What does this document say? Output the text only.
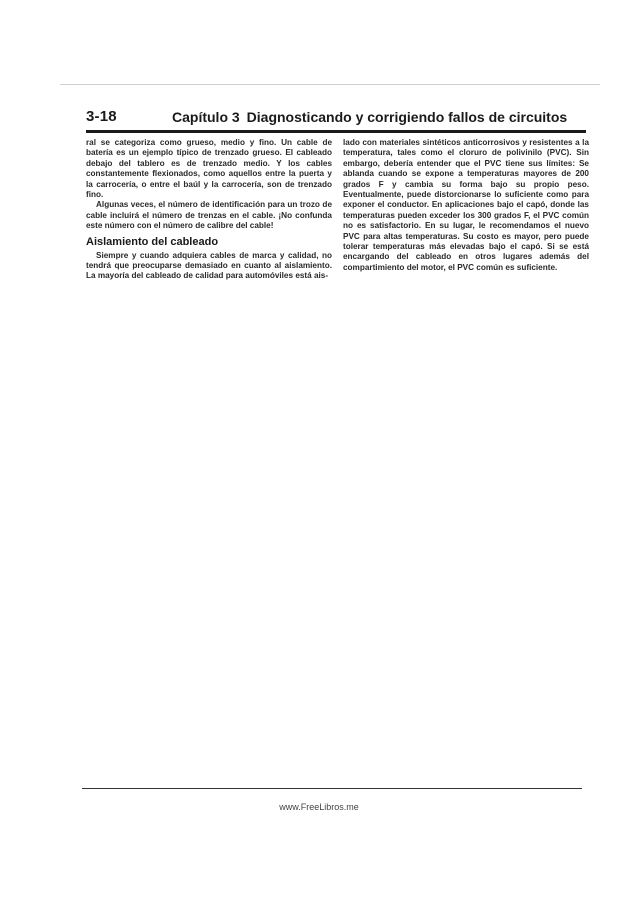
3-18	Capítulo 3 Diagnosticando y corrigiendo fallos de circuitos

ral se categoriza como grueso, medio y fino. Un cable de batería es un ejemplo típico de trenzado grueso. El cableado debajo del tablero es de trenzado medio. Y los cables constantemente flexionados, como aquellos entre la puerta y la carrocería, o entre el baúl y la carrocería, son de trenzado fino.

Algunas veces, el número de identificación para un trozo de cable incluirá el número de trenzas en el cable. ¡No confunda este número con el número de calibre del cable!

Aislamiento del cableado

Siempre y cuando adquiera cables de marca y calidad, no tendrá que preocuparse demasiado en cuanto al aislamiento. La mayoría del cableado de calidad para automóviles está ais-

lado con materiales sintéticos anticorrosivos y resistentes a la temperatura, tales como el cloruro de polivinilo (PVC). Sin embargo, debería entender que el PVC tiene sus límites: Se ablanda cuando se expone a temperaturas mayores de 200 grados F y cambia su forma bajo su propio peso. Eventualmente, puede distorcionarse lo suficiente como para exponer el conductor. En aplicaciones bajo el capó, donde las temperaturas pueden exceder los 300 grados F, el PVC común no es satisfactorio. En su lugar, le recomendamos el nuevo PVC para altas temperaturas. Su costo es mayor, pero puede tolerar temperaturas más elevadas bajo el capó. Si se está encargando del cableado en otros lugares además del compartimiento del motor, el PVC común es suficiente.

www.FreeLibros.me
